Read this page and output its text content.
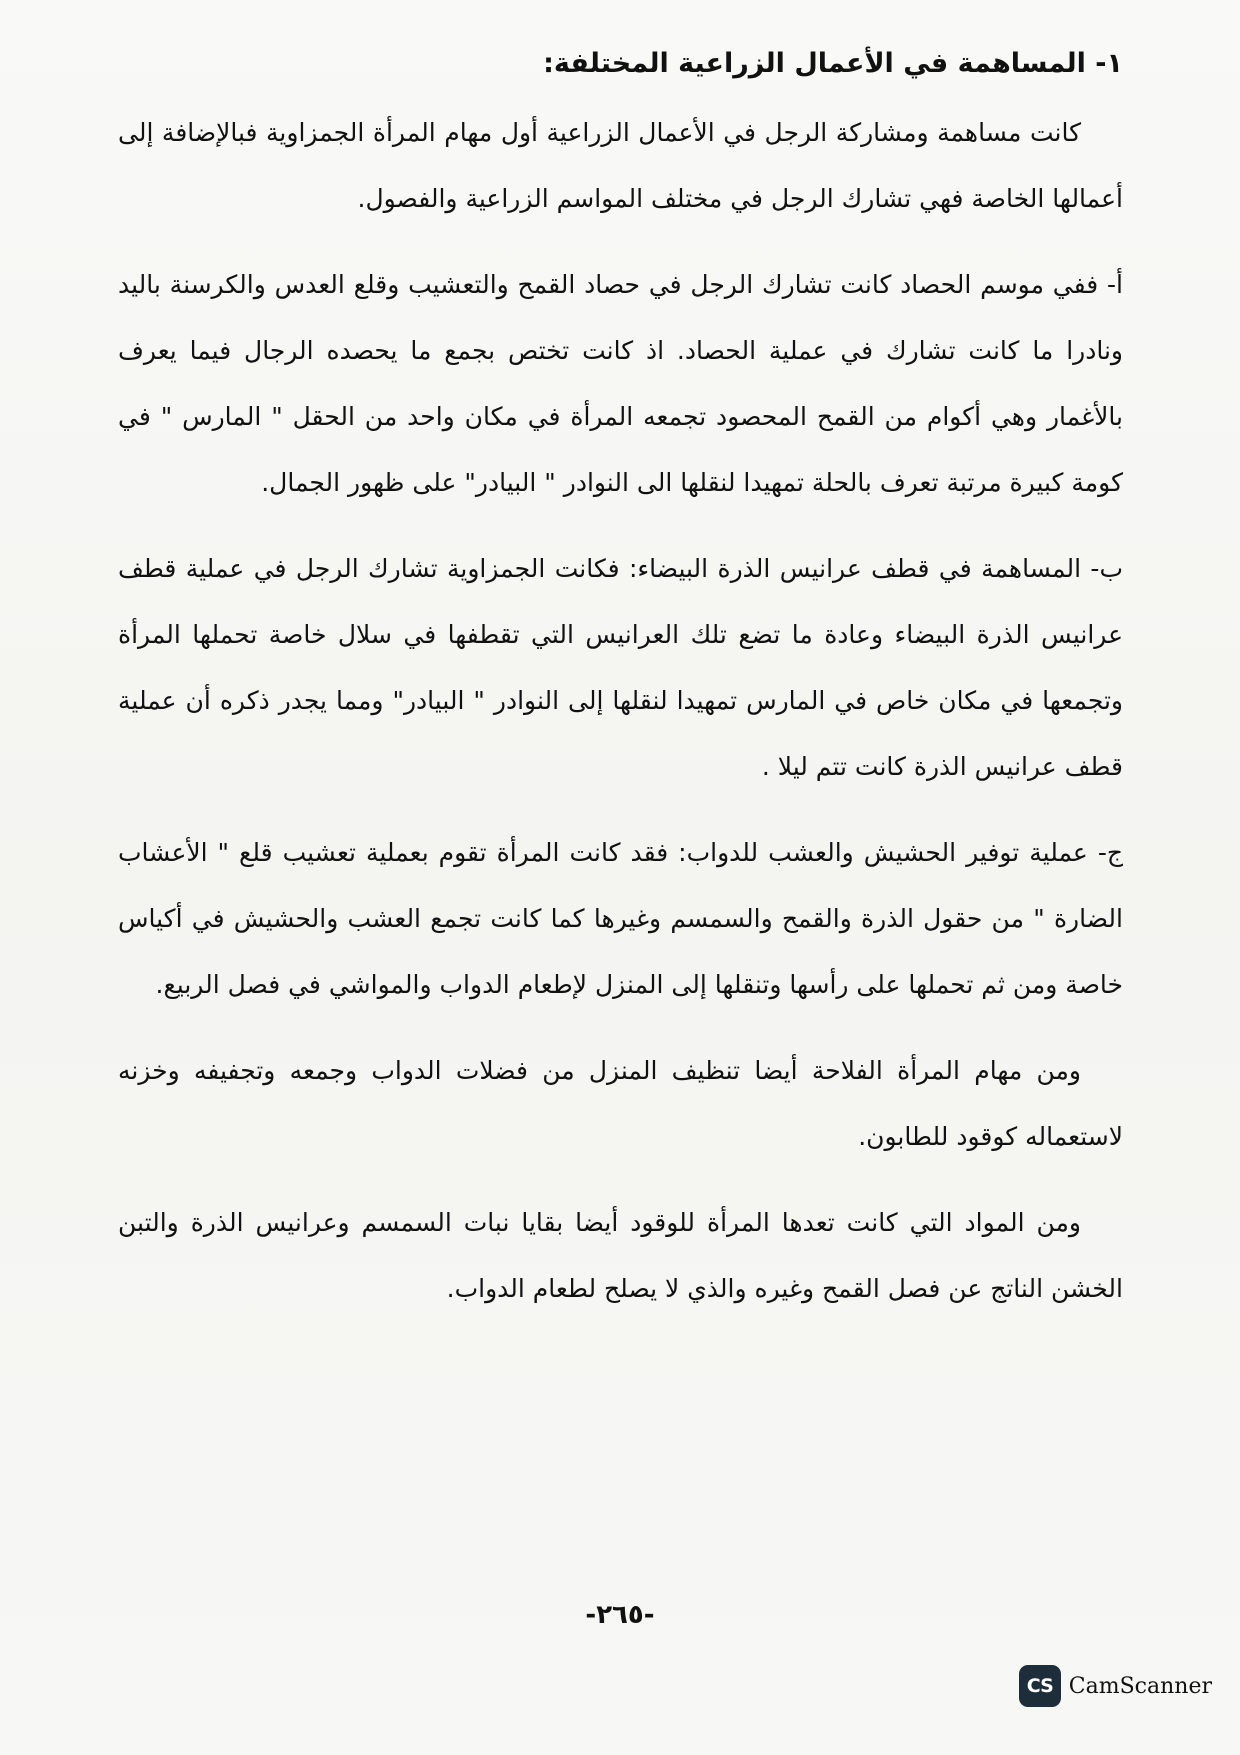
١- المساهمة في الأعمال الزراعية المختلفة:

كانت مساهمة ومشاركة الرجل في الأعمال الزراعية أول مهام المرأة الجمزاوية فبالإضافة إلى أعمالها الخاصة فهي تشارك الرجل في مختلف المواسم الزراعية والفصول.

أ- ففي موسم الحصاد كانت تشارك الرجل في حصاد القمح والتعشيب وقلع العدس والكرسنة باليد ونادرا ما كانت تشارك في عملية الحصاد. اذ كانت تختص بجمع ما يحصده الرجال فيما يعرف بالأغمار وهي أكوام من القمح المحصود تجمعه المرأة في مكان واحد من الحقل " المارس " في كومة كبيرة مرتبة تعرف بالحلة تمهيدا لنقلها الى النوادر " البيادر" على ظهور الجمال.

ب- المساهمة في قطف عرانيس الذرة البيضاء: فكانت الجمزاوية تشارك الرجل في عملية قطف عرانيس الذرة البيضاء وعادة ما تضع تلك العرانيس التي تقطفها في سلال خاصة تحملها المرأة وتجمعها في مكان خاص في المارس تمهيدا لنقلها إلى النوادر " البيادر" ومما يجدر ذكره أن عملية قطف عرانيس الذرة كانت تتم ليلا .

ج- عملية توفير الحشيش والعشب للدواب: فقد كانت المرأة تقوم بعملية تعشيب قلع " الأعشاب الضارة " من حقول الذرة والقمح والسمسم وغيرها كما كانت تجمع العشب والحشيش في أكياس خاصة ومن ثم تحملها على رأسها وتنقلها إلى المنزل لإطعام الدواب والمواشي في فصل الربيع.

ومن مهام المرأة الفلاحة أيضا تنظيف المنزل من فضلات الدواب وجمعه وتجفيفه وخزنه لاستعماله كوقود للطابون.

ومن المواد التي كانت تعدها المرأة للوقود أيضا بقايا نبات السمسم وعرانيس الذرة والتبن الخشن الناتج عن فصل القمح وغيره والذي لا يصلح لطعام الدواب.

-٢٦٥-
CS CamScanner
